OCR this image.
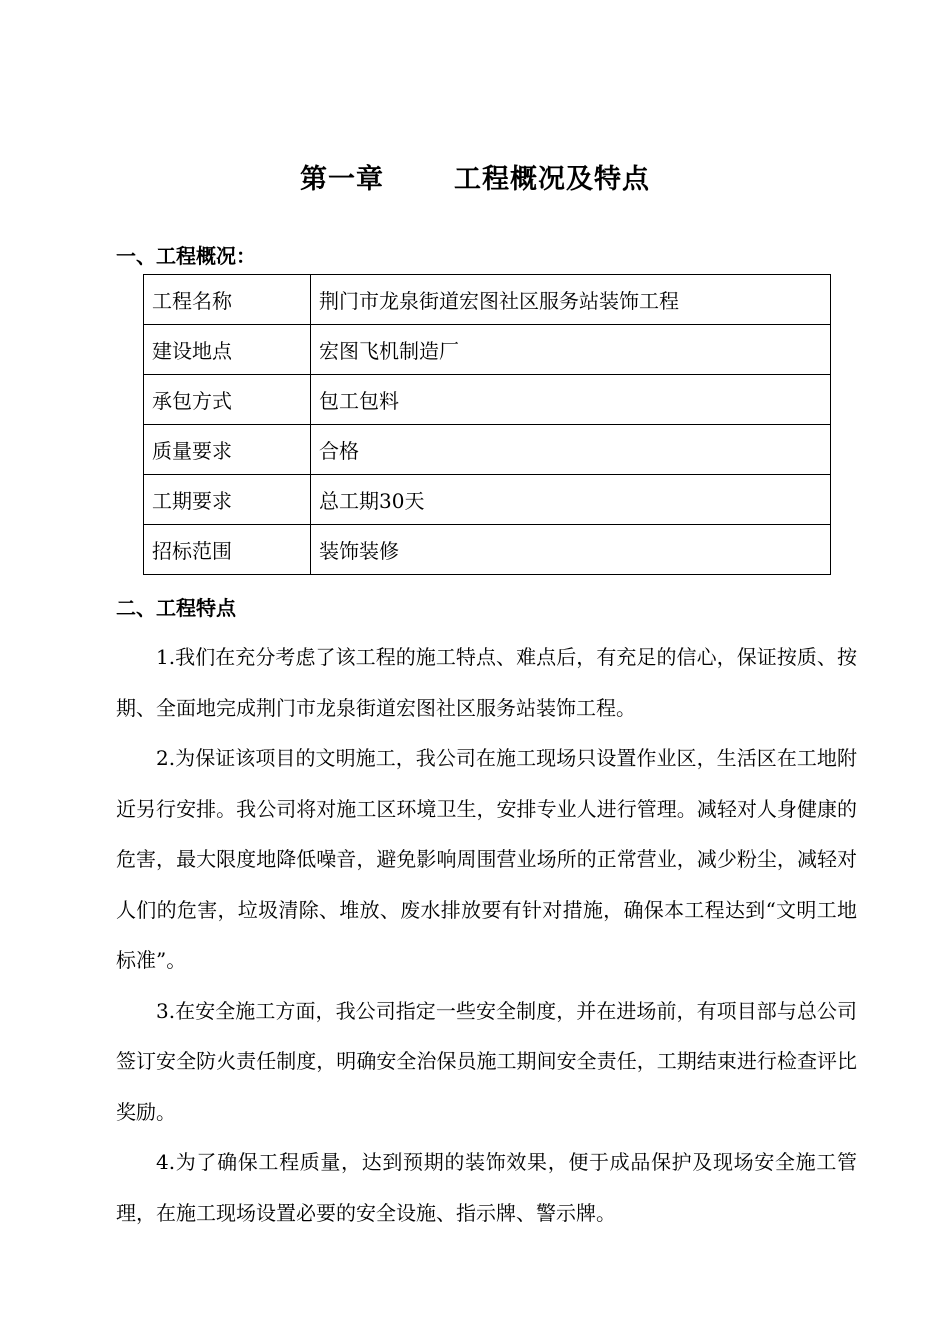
第一章	工程概况及特点
一、工程概况：
工程名称	荆门市龙泉街道宏图社区服务站装饰工程
建设地点	宏图飞机制造厂
承包方式	包工包料
质量要求	合格
工期要求	总工期30天
招标范围	装饰装修
二、工程特点

1.我们在充分考虑了该工程的施工特点、难点后，有充足的信心，保证按质、按期、全面地完成荆门市龙泉街道宏图社区服务站装饰工程。

2.为保证该项目的文明施工，我公司在施工现场只设置作业区，生活区在工地附近另行安排。我公司将对施工区环境卫生，安排专业人进行管理。减轻对人身健康的危害，最大限度地降低噪音，避免影响周围营业场所的正常营业，减少粉尘，减轻对人们的危害，垃圾清除、堆放、废水排放要有针对措施，确保本工程达到“文明工地标准”。

3.在安全施工方面，我公司指定一些安全制度，并在进场前，有项目部与总公司签订安全防火责任制度，明确安全治保员施工期间安全责任，工期结束进行检查评比奖励。

4.为了确保工程质量，达到预期的装饰效果，便于成品保护及现场安全施工管理，在施工现场设置必要的安全设施、指示牌、警示牌。
